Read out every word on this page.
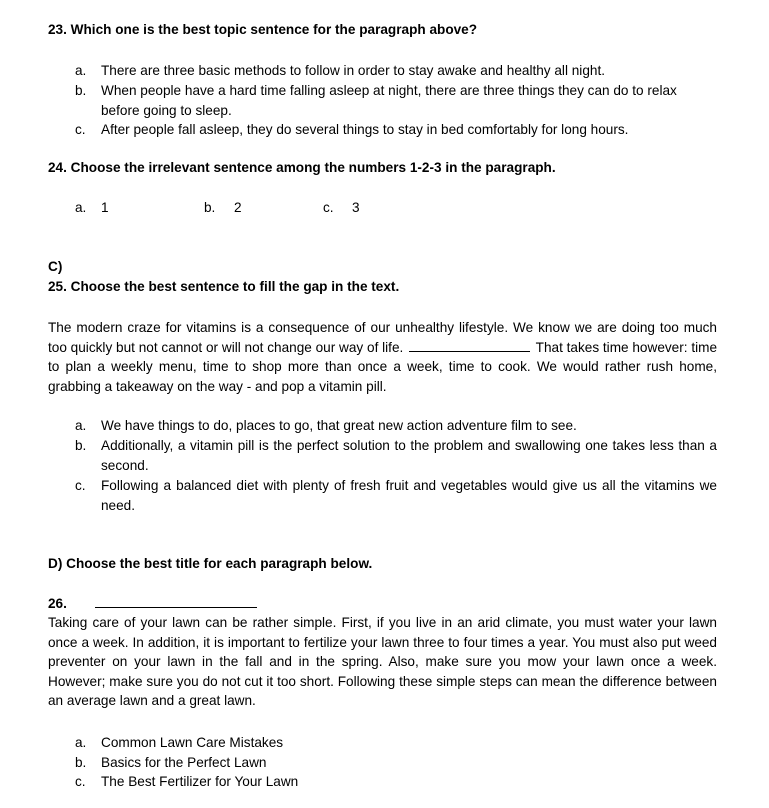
23. Which one is the best topic sentence for the paragraph above?
a. There are three basic methods to follow in order to stay awake and healthy all night.
b. When people have a hard time falling asleep at night, there are three things they can do to relax before going to sleep.
c. After people fall asleep, they do several things to stay in bed comfortably for long hours.
24. Choose the irrelevant sentence among the numbers 1-2-3 in the paragraph.
a. 1	b. 2	c. 3
C)
25. Choose the best sentence to fill the gap in the text.
The modern craze for vitamins is a consequence of our unhealthy lifestyle. We know we are doing too much too quickly but not cannot or will not change our way of life.	That takes time however: time to plan a weekly menu, time to shop more than once a week, time to cook. We would rather rush home, grabbing a takeaway on the way - and pop a vitamin pill.
a. We have things to do, places to go, that great new action adventure film to see.
b. Additionally, a vitamin pill is the perfect solution to the problem and swallowing one takes less than a second.
c. Following a balanced diet with plenty of fresh fruit and vegetables would give us all the vitamins we need.
D) Choose the best title for each paragraph below.
26.
Taking care of your lawn can be rather simple. First, if you live in an arid climate, you must water your lawn once a week. In addition, it is important to fertilize your lawn three to four times a year. You must also put weed preventer on your lawn in the fall and in the spring. Also, make sure you mow your lawn once a week. However; make sure you do not cut it too short. Following these simple steps can mean the difference between an average lawn and a great lawn.
a. Common Lawn Care Mistakes
b. Basics for the Perfect Lawn
c. The Best Fertilizer for Your Lawn
